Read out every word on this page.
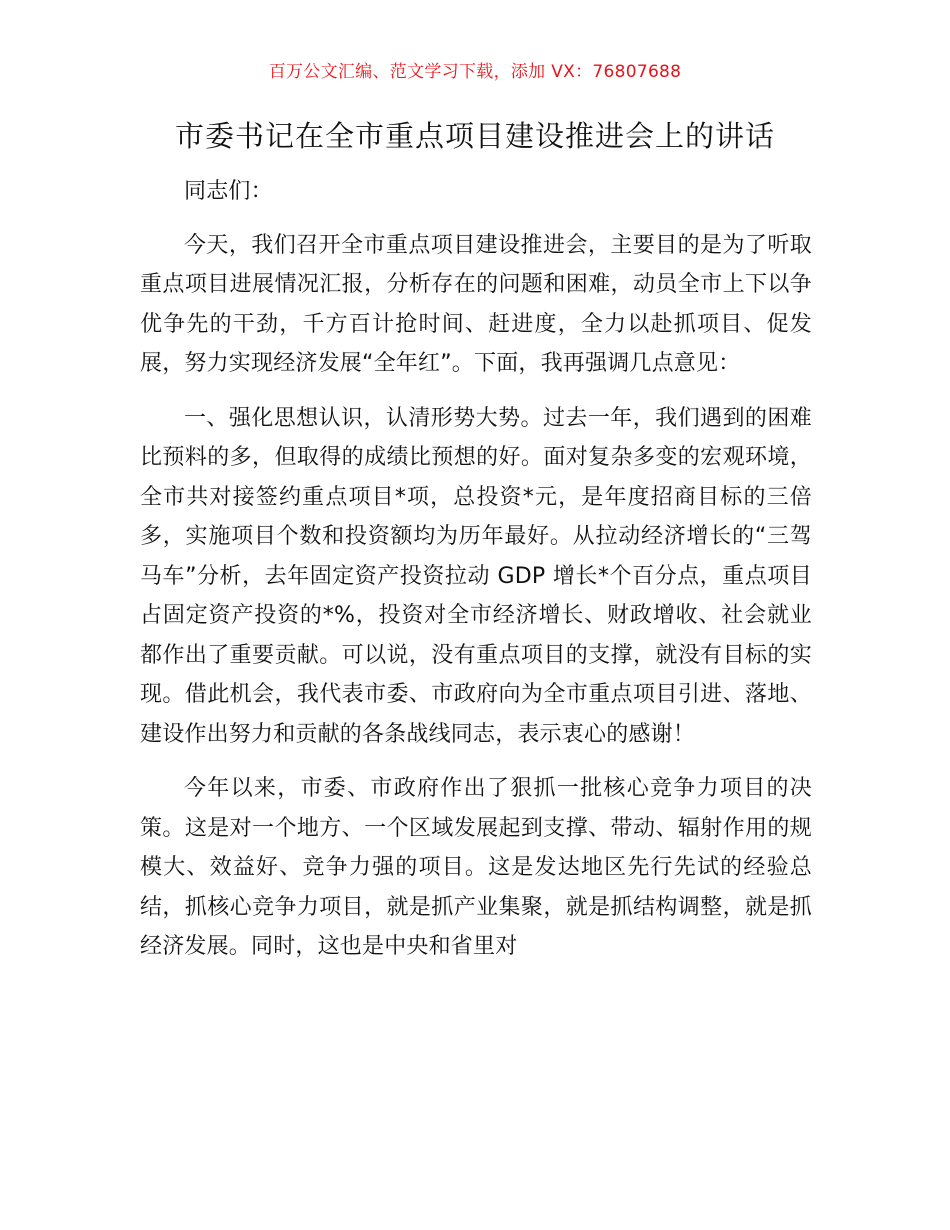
百万公文汇编、范文学习下载，添加 VX：76807688
市委书记在全市重点项目建设推进会上的讲话

同志们：

今天，我们召开全市重点项目建设推进会，主要目的是为了听取重点项目进展情况汇报，分析存在的问题和困难，动员全市上下以争优争先的干劲，千方百计抢时间、赶进度，全力以赴抓项目、促发展，努力实现经济发展“全年红”。下面，我再强调几点意见：

一、强化思想认识，认清形势大势。过去一年，我们遇到的困难比预料的多，但取得的成绩比预想的好。面对复杂多变的宏观环境，全市共对接签约重点项目*项，总投资*元，是年度招商目标的三倍多，实施项目个数和投资额均为历年最好。从拉动经济增长的“三驾马车”分析，去年固定资产投资拉动 GDP 增长*个百分点，重点项目占固定资产投资的*%，投资对全市经济增长、财政增收、社会就业都作出了重要贡献。可以说，没有重点项目的支撑，就没有目标的实现。借此机会，我代表市委、市政府向为全市重点项目引进、落地、建设作出努力和贡献的各条战线同志，表示衷心的感谢！

今年以来，市委、市政府作出了狠抓一批核心竞争力项目的决策。这是对一个地方、一个区域发展起到支撑、带动、辐射作用的规模大、效益好、竞争力强的项目。这是发达地区先行先试的经验总结，抓核心竞争力项目，就是抓产业集聚，就是抓结构调整，就是抓经济发展。同时，这也是中央和省里对
